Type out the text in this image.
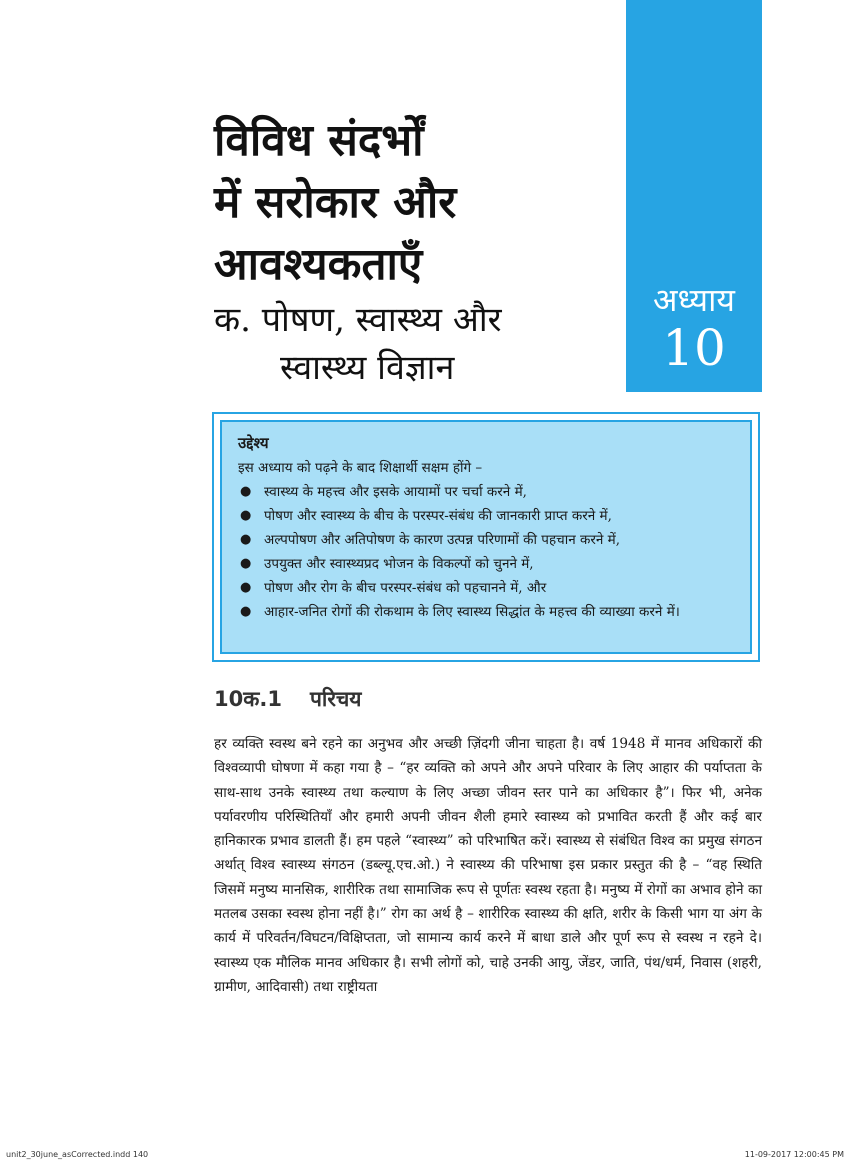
अध्याय
10
विविध संदर्भों
में सरोकार और
आवश्यकताएँ
क. पोषण, स्वास्थ्य और
स्वास्थ्य विज्ञान
उद्देश्य
इस अध्याय को पढ़ने के बाद शिक्षार्थी सक्षम होंगे –
● स्वास्थ्य के महत्त्व और इसके आयामों पर चर्चा करने में,
● पोषण और स्वास्थ्य के बीच के परस्पर-संबंध की जानकारी प्राप्त करने में,
● अल्पपोषण और अतिपोषण के कारण उत्पन्न परिणामों की पहचान करने में,
● उपयुक्त और स्वास्थ्यप्रद भोजन के विकल्पों को चुनने में,
● पोषण और रोग के बीच परस्पर-संबंध को पहचानने में, और
● आहार-जनित रोगों की रोकथाम के लिए स्वास्थ्य सिद्धांत के महत्त्व की व्याख्या करने में।
10क.1 परिचय

हर व्यक्ति स्वस्थ बने रहने का अनुभव और अच्छी ज़िंदगी जीना चाहता है। वर्ष 1948 में मानव अधिकारों की विश्वव्यापी घोषणा में कहा गया है – “हर व्यक्ति को अपने और अपने परिवार के लिए आहार की पर्याप्तता के साथ-साथ उनके स्वास्थ्य तथा कल्याण के लिए अच्छा जीवन स्तर पाने का अधिकार है”। फिर भी, अनेक पर्यावरणीय परिस्थितियाँ और हमारी अपनी जीवन शैली हमारे स्वास्थ्य को प्रभावित करती हैं और कई बार हानिकारक प्रभाव डालती हैं। हम पहले “स्वास्थ्य” को परिभाषित करें। स्वास्थ्य से संबंधित विश्व का प्रमुख संगठन अर्थात् विश्व स्वास्थ्य संगठन (डब्ल्यू.एच.ओ.) ने स्वास्थ्य की परिभाषा इस प्रकार प्रस्तुत की है – “वह स्थिति जिसमें मनुष्य मानसिक, शारीरिक तथा सामाजिक रूप से पूर्णतः स्वस्थ रहता है। मनुष्य में रोगों का अभाव होने का मतलब उसका स्वस्थ होना नहीं है।” रोग का अर्थ है – शारीरिक स्वास्थ्य की क्षति, शरीर के किसी भाग या अंग के कार्य में परिवर्तन/विघटन/विक्षिप्तता, जो सामान्य कार्य करने में बाधा डाले और पूर्ण रूप से स्वस्थ न रहने दे। स्वास्थ्य एक मौलिक मानव अधिकार है। सभी लोगों को, चाहे उनकी आयु, जेंडर, जाति, पंथ/धर्म, निवास (शहरी, ग्रामीण, आदिवासी) तथा राष्ट्रीयता

unit2_30june_asCorrected.indd 140	11-09-2017 12:00:45 PM
